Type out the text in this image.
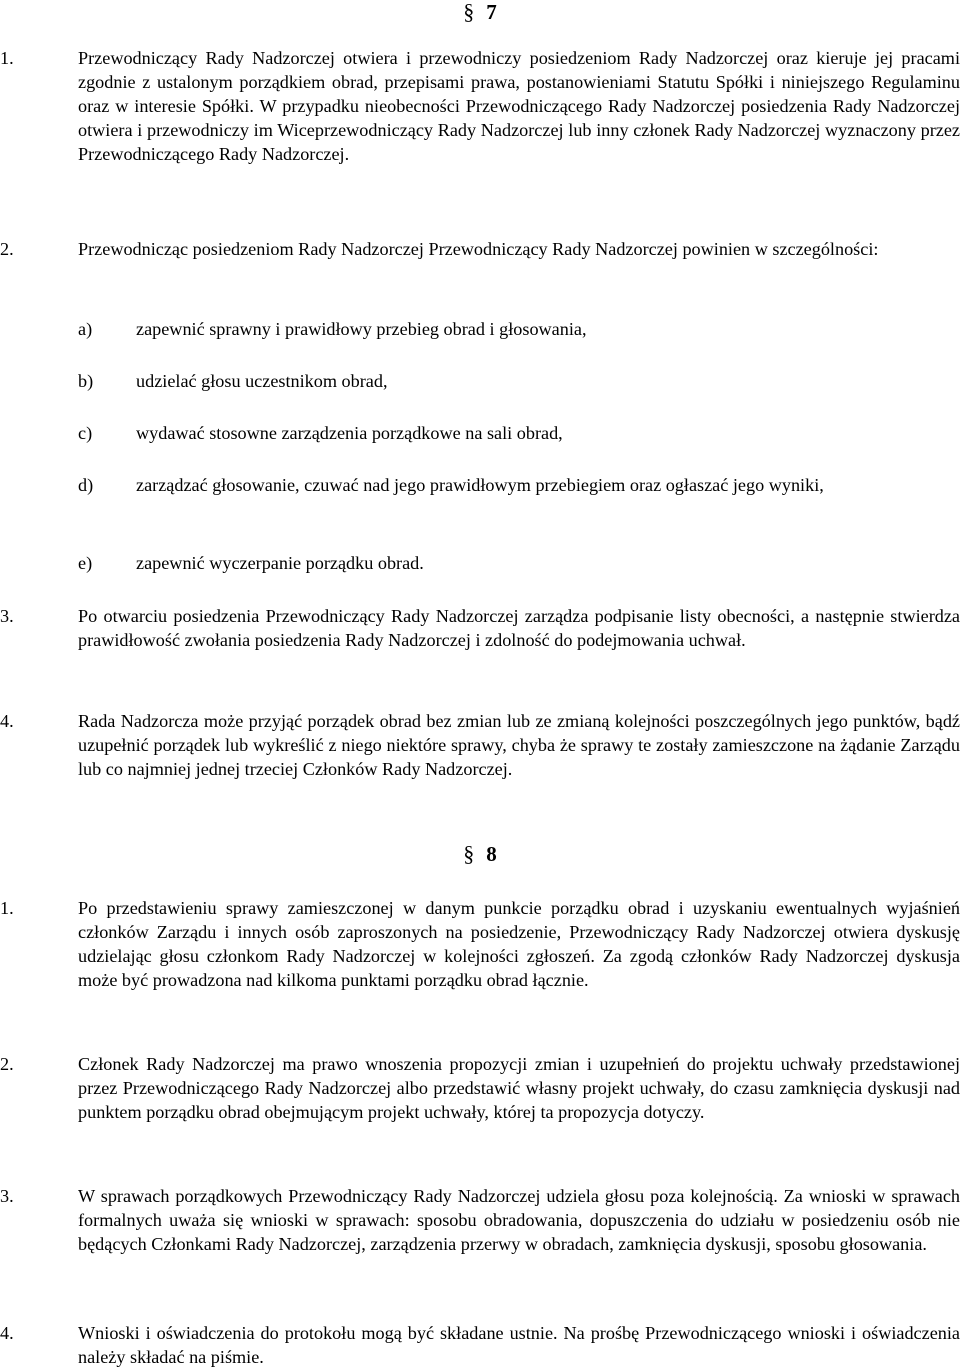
§ 7
1.	Przewodniczący Rady Nadzorczej otwiera i przewodniczy posiedzeniom Rady Nadzorczej oraz kieruje jej pracami zgodnie z ustalonym porządkiem obrad, przepisami prawa, postanowieniami Statutu Spółki i niniejszego Regulaminu oraz w interesie Spółki. W przypadku nieobecności Przewodniczącego Rady Nadzorczej posiedzenia Rady Nadzorczej otwiera i przewodniczy im Wiceprzewodniczący Rady Nadzorczej lub inny członek Rady Nadzorczej wyznaczony przez Przewodniczącego Rady Nadzorczej.
2.	Przewodnicząc posiedzeniom Rady Nadzorczej Przewodniczący Rady Nadzorczej powinien w szczególności:
a)	zapewnić sprawny i prawidłowy przebieg obrad i głosowania,
b)	udzielać głosu uczestnikom obrad,
c)	wydawać stosowne zarządzenia porządkowe na sali obrad,
d)	zarządzać głosowanie, czuwać nad jego prawidłowym przebiegiem oraz ogłaszać jego wyniki,
e)	zapewnić wyczerpanie porządku obrad.
3.	Po otwarciu posiedzenia Przewodniczący Rady Nadzorczej zarządza podpisanie listy obecności, a następnie stwierdza prawidłowość zwołania posiedzenia Rady Nadzorczej i zdolność do podejmowania uchwał.
4.	Rada Nadzorcza może przyjąć porządek obrad bez zmian lub ze zmianą kolejności poszczególnych jego punktów, bądź uzupełnić porządek lub wykreślić z niego niektóre sprawy, chyba że sprawy te zostały zamieszczone na żądanie Zarządu lub co najmniej jednej trzeciej Członków Rady Nadzorczej.
§ 8
1.	Po przedstawieniu sprawy zamieszczonej w danym punkcie porządku obrad i uzyskaniu ewentualnych wyjaśnień członków Zarządu i innych osób zaproszonych na posiedzenie, Przewodniczący Rady Nadzorczej otwiera dyskusję udzielając głosu członkom Rady Nadzorczej w kolejności zgłoszeń. Za zgodą członków Rady Nadzorczej dyskusja może być prowadzona nad kilkoma punktami porządku obrad łącznie.
2.	Członek Rady Nadzorczej ma prawo wnoszenia propozycji zmian i uzupełnień do projektu uchwały przedstawionej przez Przewodniczącego Rady Nadzorczej albo przedstawić własny projekt uchwały, do czasu zamknięcia dyskusji nad punktem porządku obrad obejmującym projekt uchwały, której ta propozycja dotyczy.
3.	W sprawach porządkowych Przewodniczący Rady Nadzorczej udziela głosu poza kolejnością. Za wnioski w sprawach formalnych uważa się wnioski w sprawach: sposobu obradowania, dopuszczenia do udziału w posiedzeniu osób nie będących Członkami Rady Nadzorczej, zarządzenia przerwy w obradach, zamknięcia dyskusji, sposobu głosowania.
4.	Wnioski i oświadczenia do protokołu mogą być składane ustnie. Na prośbę Przewodniczącego wnioski i oświadczenia należy składać na piśmie.
